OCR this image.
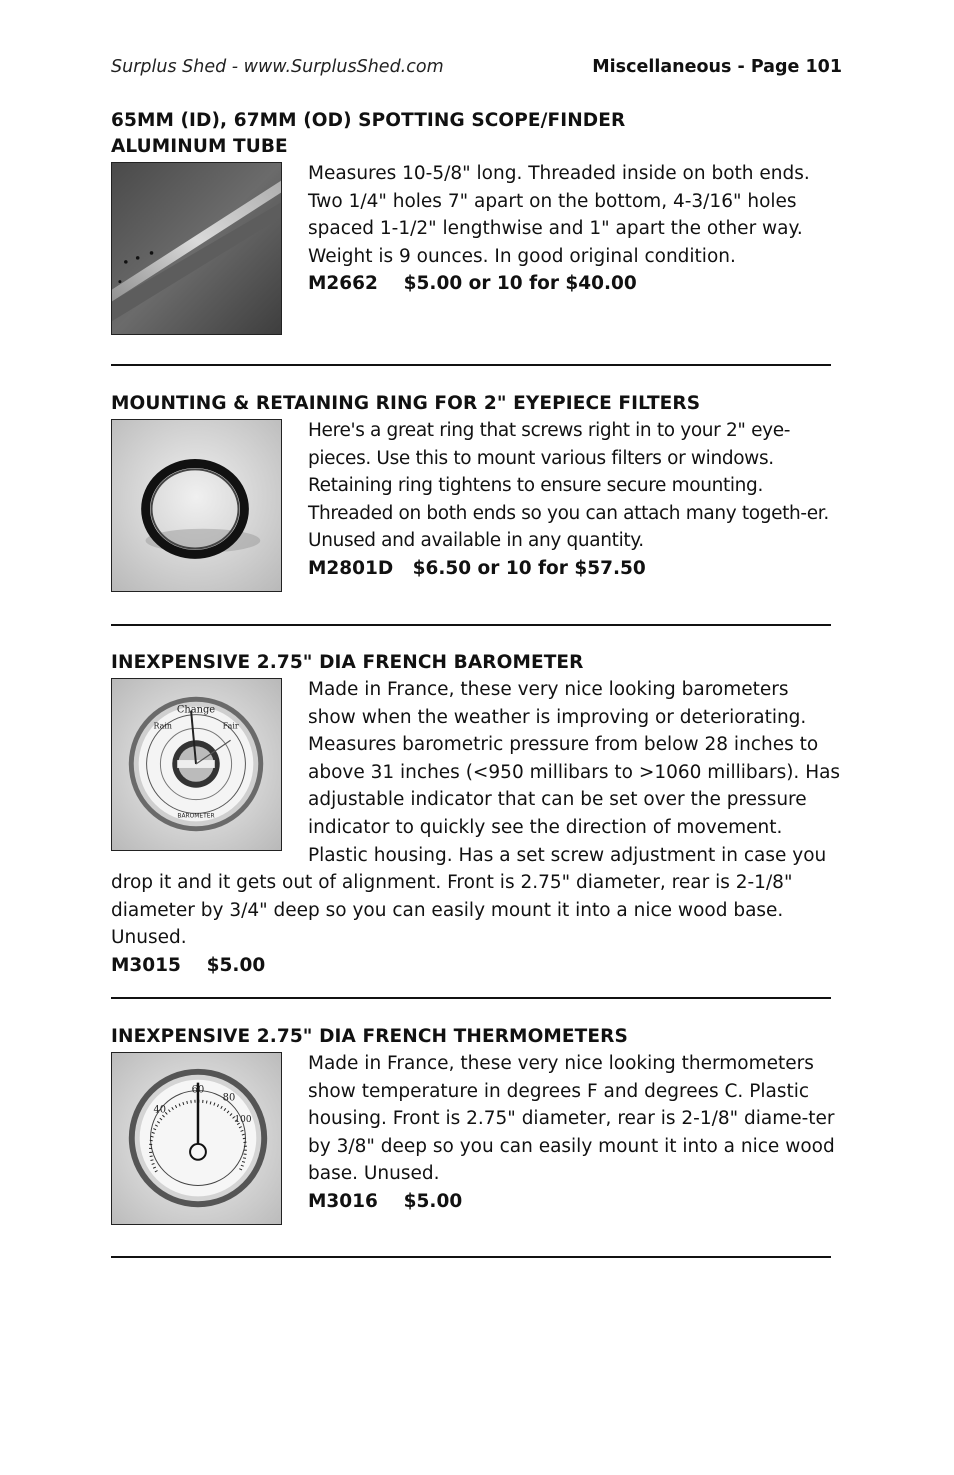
Surplus Shed - www.SurplusShed.com	Miscellaneous - Page 101

65MM (ID), 67MM (OD) SPOTTING SCOPE/FINDER
ALUMINUM TUBE

Measures 10-5/8" long. Threaded inside on both ends. Two 1/4" holes 7" apart on the bottom, 4-3/16" holes spaced 1-1/2" lengthwise and 1" apart the other way. Weight is 9 ounces. In good original condition.

M2662 $5.00 or 10 for $40.00

MOUNTING & RETAINING RING FOR 2" EYEPIECE FILTERS

Here's a great ring that screws right in to your 2" eye-pieces. Use this to mount various filters or windows. Retaining ring tightens to ensure secure mounting. Threaded on both ends so you can attach many togeth-er. Unused and available in any quantity.

M2801D $6.50 or 10 for $57.50

INEXPENSIVE 2.75" DIA FRENCH BAROMETER

Change
Rain	Fair
BAROMETER

Made in France, these very nice looking barometers show when the weather is improving or deteriorating. Measures barometric pressure from below 28 inches to above 31 inches (<950 millibars to >1060 millibars). Has adjustable indicator that can be set over the pressure indicator to quickly see the direction of movement. Plastic housing. Has a set screw adjustment in case you drop it and it gets out of alignment. Front is 2.75" diameter, rear is 2-1/8" diameter by 3/4" deep so you can easily mount it into a nice wood base. Unused.

M3015 $5.00

INEXPENSIVE 2.75" DIA FRENCH THERMOMETERS

60
40
80
100

Made in France, these very nice looking thermometers show temperature in degrees F and degrees C. Plastic housing. Front is 2.75" diameter, rear is 2-1/8" diame-ter by 3/8" deep so you can easily mount it into a nice wood base. Unused.

M3016 $5.00
